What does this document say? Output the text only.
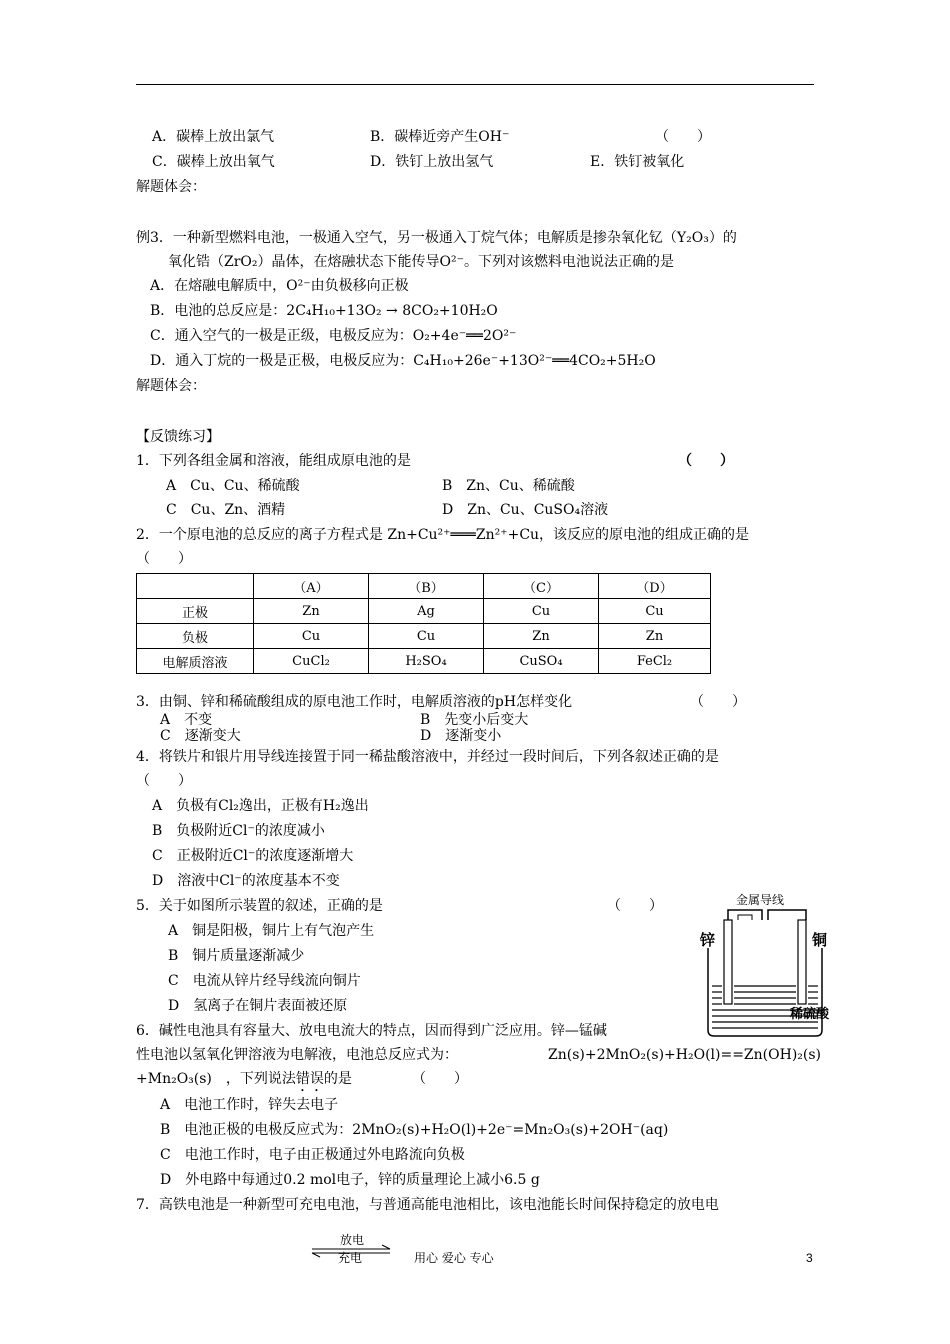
A．碳棒上放出氯气	B．碳棒近旁产生OH⁻	（　　）
C．碳棒上放出氧气	D．铁钉上放出氢气	E．铁钉被氧化
解题体会：
例3．一种新型燃料电池，一极通入空气，另一极通入丁烷气体；电解质是掺杂氧化钇（Y₂O₃）的
氧化锆（ZrO₂）晶体，在熔融状态下能传导O²⁻。下列对该燃料电池说法正确的是
A．在熔融电解质中，O²⁻由负极移向正极
B．电池的总反应是：2C₄H₁₀+13O₂ → 8CO₂+10H₂O
C．通入空气的一极是正级，电极反应为：O₂+4e⁻══2O²⁻
D．通入丁烷的一极是正极，电极反应为：C₄H₁₀+26e⁻+13O²⁻══4CO₂+5H₂O
解题体会：
【反馈练习】
1．下列各组金属和溶液，能组成原电池的是	（　　）
A　Cu、Cu、稀硫酸	B　Zn、Cu、稀硫酸
C　Cu、Zn、酒精	D　Zn、Cu、CuSO₄溶液
2．一个原电池的总反应的离子方程式是 Zn+Cu²⁺═══Zn²⁺+Cu，该反应的原电池的组成正确的是
（　　）
	（A）	（B）	（C）	（D）
正极	Zn	Ag	Cu	Cu
负极	Cu	Cu	Zn	Zn
电解质溶液	CuCl₂	H₂SO₄	CuSO₄	FeCl₂
3．由铜、锌和稀硫酸组成的原电池工作时，电解质溶液的pH怎样变化	（　　）
A　不变	B　先变小后变大
C　逐渐变大	D　逐渐变小
4．将铁片和银片用导线连接置于同一稀盐酸溶液中，并经过一段时间后，下列各叙述正确的是
（　　）
A　负极有Cl₂逸出，正极有H₂逸出
B　负极附近Cl⁻的浓度减小
C　正极附近Cl⁻的浓度逐渐增大
D　溶液中Cl⁻的浓度基本不变
5．关于如图所示装置的叙述，正确的是	（　　）
A　铜是阳极，铜片上有气泡产生
B　铜片质量逐渐减少
C　电流从锌片经导线流向铜片
D　氢离子在铜片表面被还原
金属导线
锌	铜
稀硫酸
6．碱性电池具有容量大、放电电流大的特点，因而得到广泛应用。锌—锰碱
性电池以氢氧化钾溶液为电解液，电池总反应式为：	Zn(s)+2MnO₂(s)+H₂O(l)==Zn(OH)₂(s)
+Mn₂O₃(s)　，下列说法错误的是	（　　）
A　电池工作时，锌失去电子
B　电池正极的电极反应式为：2MnO₂(s)+H₂O(l)+2e⁻=Mn₂O₃(s)+2OH⁻(aq)
C　电池工作时，电子由正极通过外电路流向负极
D　外电路中每通过0.2 mol电子，锌的质量理论上减小6.5 g
7．高铁电池是一种新型可充电电池，与普通高能电池相比，该电池能长时间保持稳定的放电电
放电
充电	用心 爱心 专心	3
